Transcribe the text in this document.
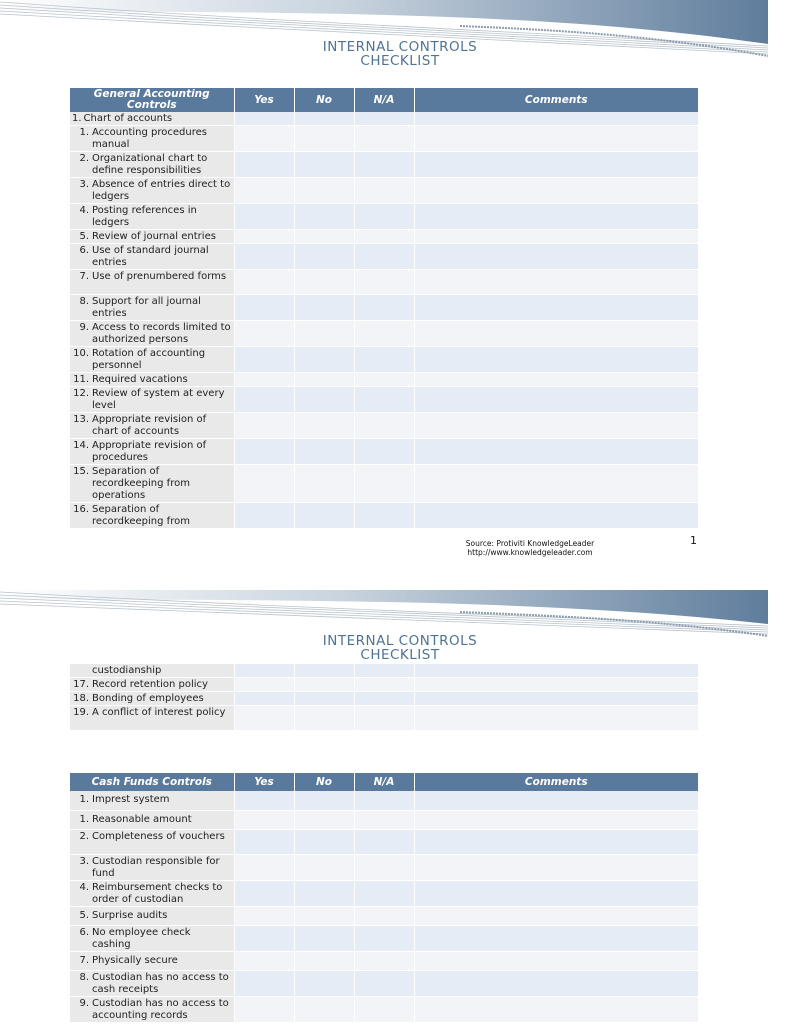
INTERNAL CONTROLS
CHECKLIST
General Accounting Controls	Yes	No	N/A	Comments

1. Chart of accounts				

1. Accounting procedures manual				

2. Organizational chart to define responsibilities				

3. Absence of entries direct to ledgers				

4. Posting references in ledgers				

5. Review of journal entries				

6. Use of standard journal entries				

7. Use of prenumbered forms				

8. Support for all journal entries				

9. Access to records limited to authorized persons				

10. Rotation of accounting personnel				

11. Required vacations				

12. Review of system at every level				

13. Appropriate revision of chart of accounts				

14. Appropriate revision of procedures				

15. Separation of recordkeeping from operations				

16. Separation of recordkeeping from				

Source: Protiviti KnowledgeLeader
http://www.knowledgeleader.com
1
INTERNAL CONTROLS
CHECKLIST
custodianship				

17. Record retention policy				

18. Bonding of employees				

19. A conflict of interest policy				

Cash Funds Controls	Yes	No	N/A	Comments

1. Imprest system				

1. Reasonable amount				

2. Completeness of vouchers				

3. Custodian responsible for fund				

4. Reimbursement checks to order of custodian				

5. Surprise audits				

6. No employee check cashing				

7. Physically secure				

8. Custodian has no access to cash receipts				

9. Custodian has no access to accounting records				
